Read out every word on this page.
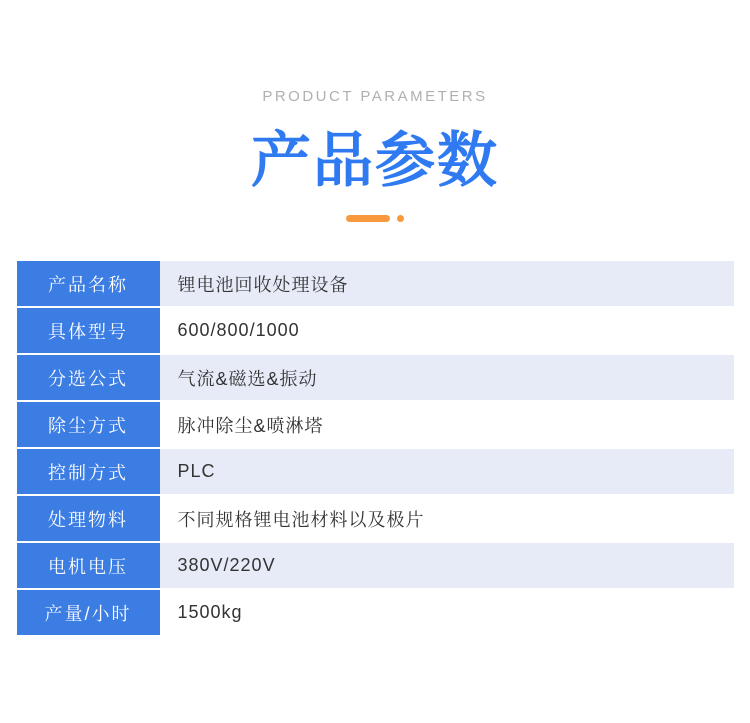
PRODUCT PARAMETERS
产品参数
产品名称	锂电池回收处理设备
具体型号	600/800/1000
分选公式	气流&磁选&振动
除尘方式	脉冲除尘&喷淋塔
控制方式	PLC
处理物料	不同规格锂电池材料以及极片
电机电压	380V/220V
产量/小时	1500kg
